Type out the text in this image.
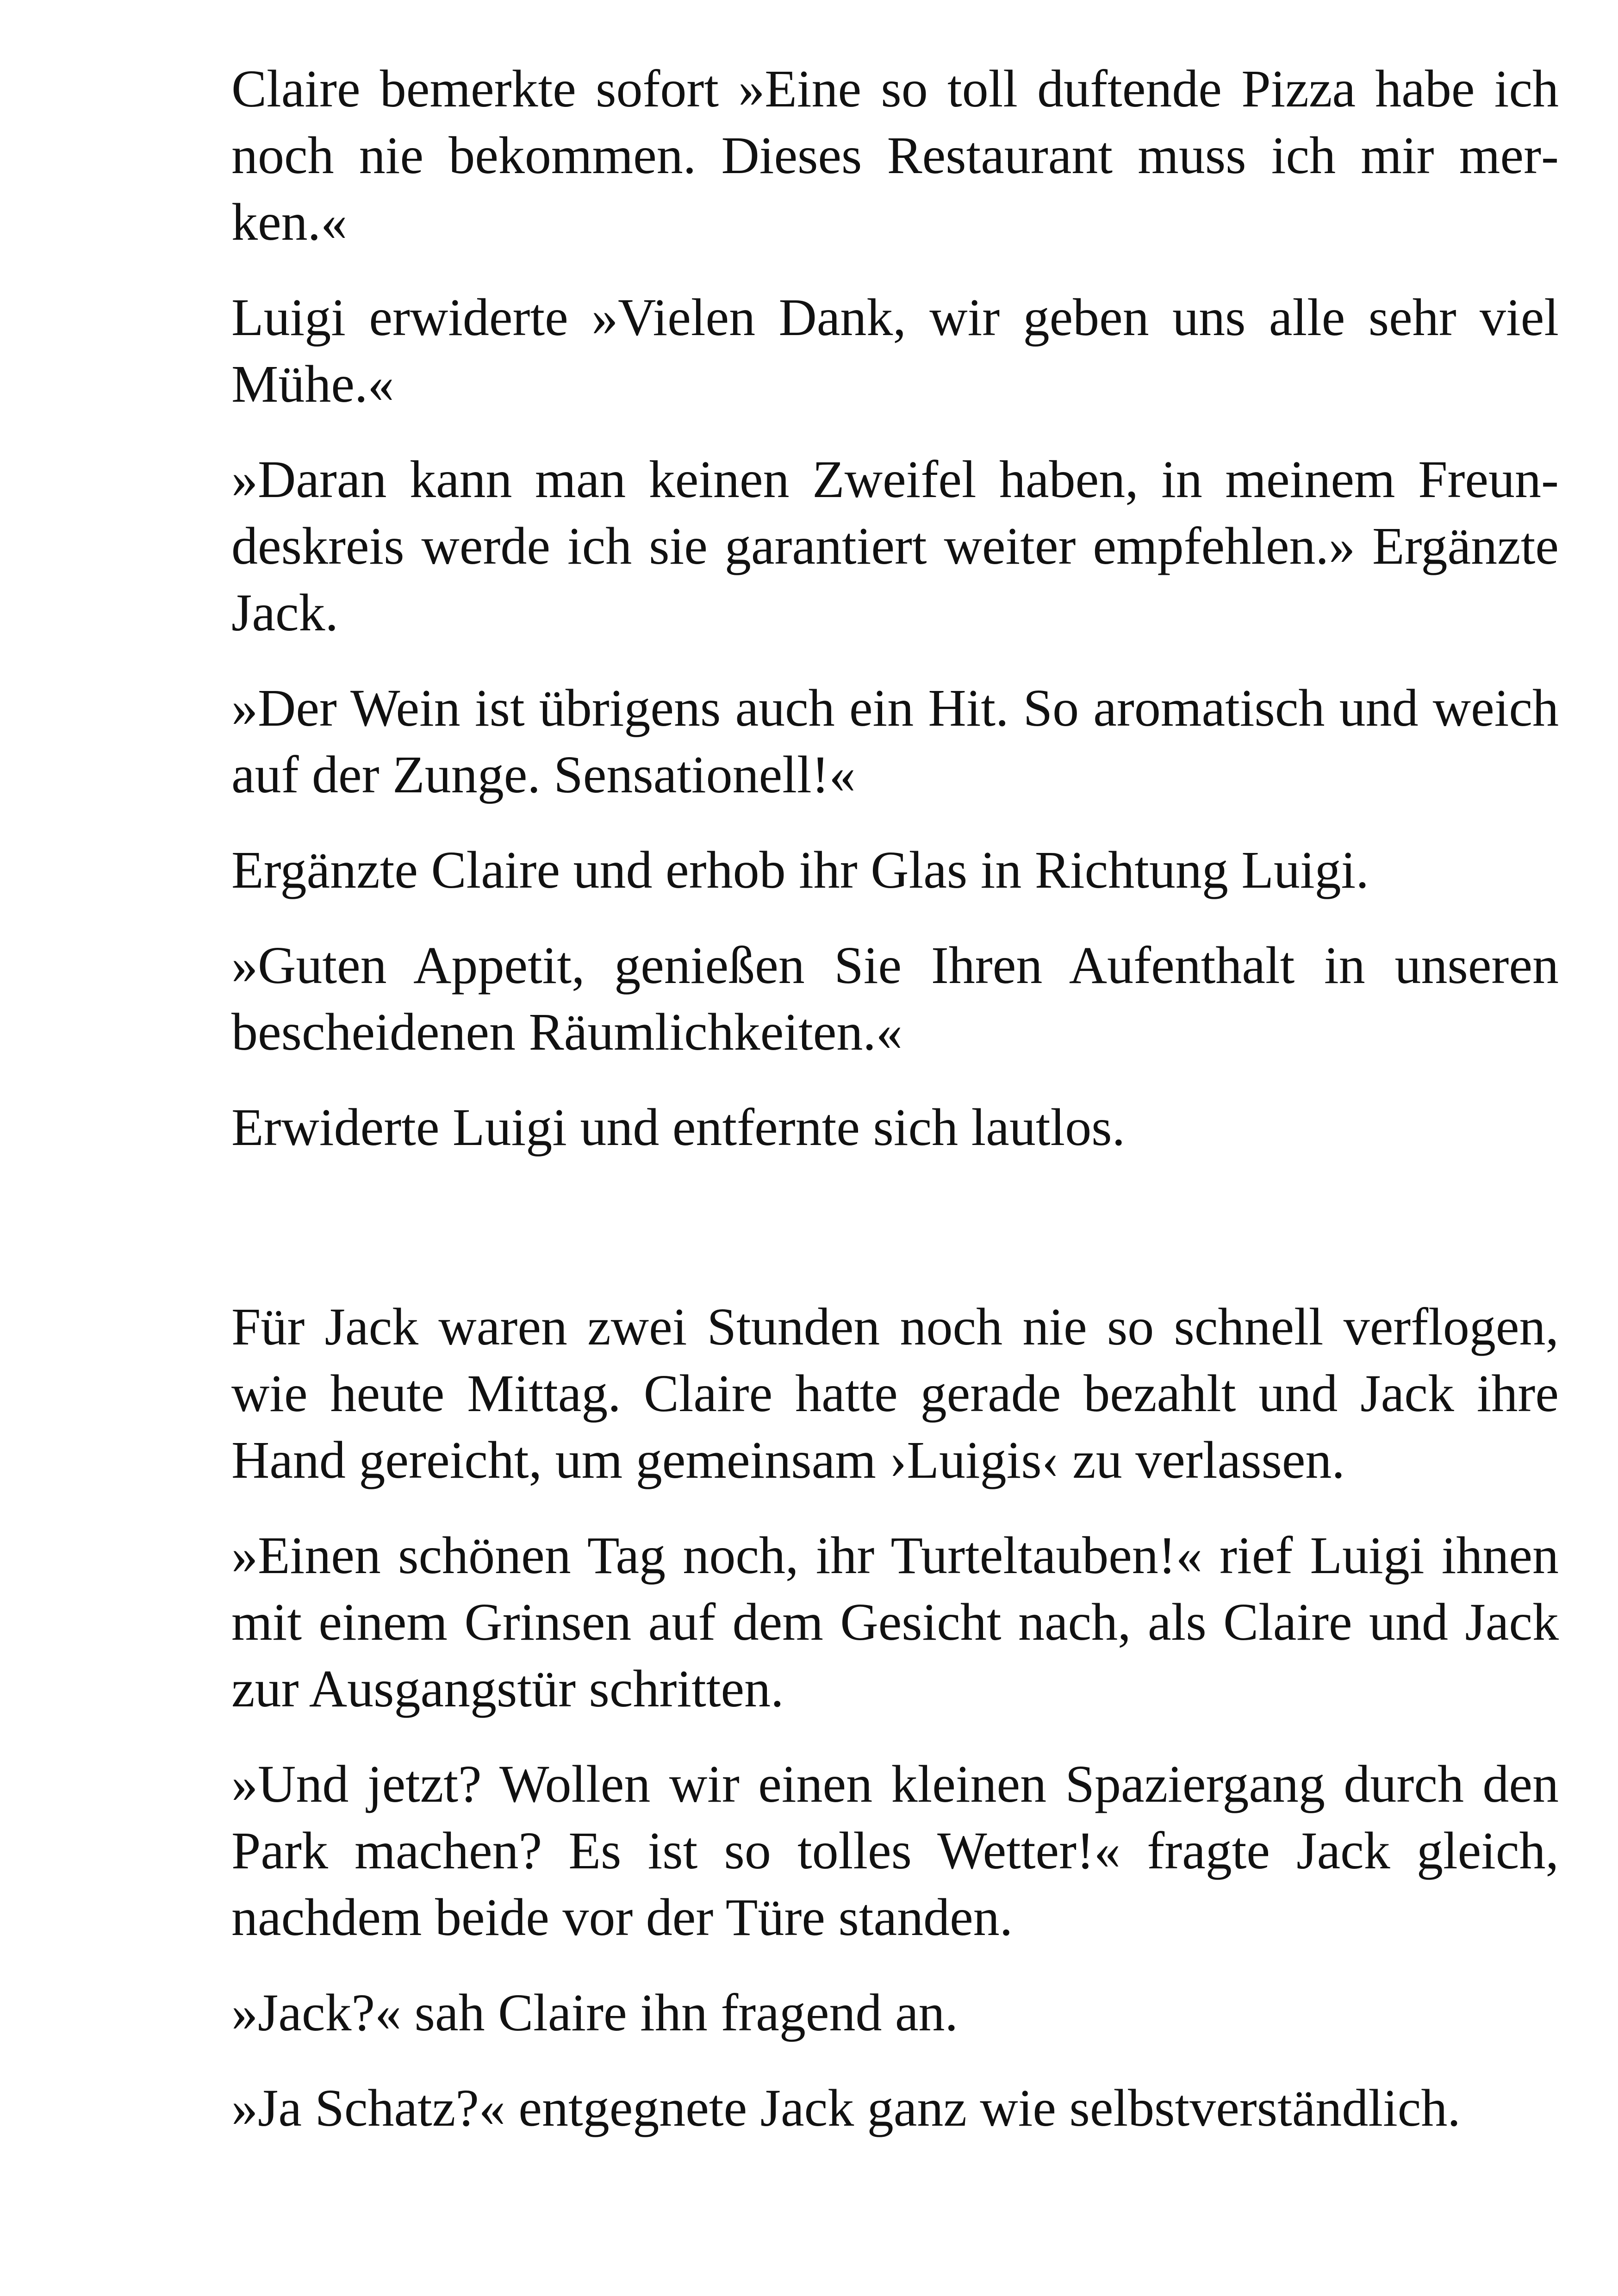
Claire bemerkte sofort »Eine so toll duftende Pizza habe ich noch nie bekommen. Dieses Restaurant muss ich mir merken.«

Luigi erwiderte »Vielen Dank, wir geben uns alle sehr viel Mühe.«

»Daran kann man keinen Zweifel haben, in meinem Freundeskreis werde ich sie garantiert weiter empfehlen.» Ergänzte Jack.

»Der Wein ist übrigens auch ein Hit. So aromatisch und weich auf der Zunge. Sensationell!«

Ergänzte Claire und erhob ihr Glas in Richtung Luigi.

»Guten Appetit, genießen Sie Ihren Aufenthalt in unseren bescheidenen Räumlichkeiten.«

Erwiderte Luigi und entfernte sich lautlos.

Für Jack waren zwei Stunden noch nie so schnell verflogen, wie heute Mittag. Claire hatte gerade bezahlt und Jack ihre Hand gereicht, um gemeinsam ›Luigis‹ zu verlassen.

»Einen schönen Tag noch, ihr Turteltauben!« rief Luigi ihnen mit einem Grinsen auf dem Gesicht nach, als Claire und Jack zur Ausgangstür schritten.

»Und jetzt? Wollen wir einen kleinen Spaziergang durch den Park machen? Es ist so tolles Wetter!« fragte Jack gleich, nachdem beide vor der Türe standen.

»Jack?« sah Claire ihn fragend an.

»Ja Schatz?« entgegnete Jack ganz wie selbstverständlich.
